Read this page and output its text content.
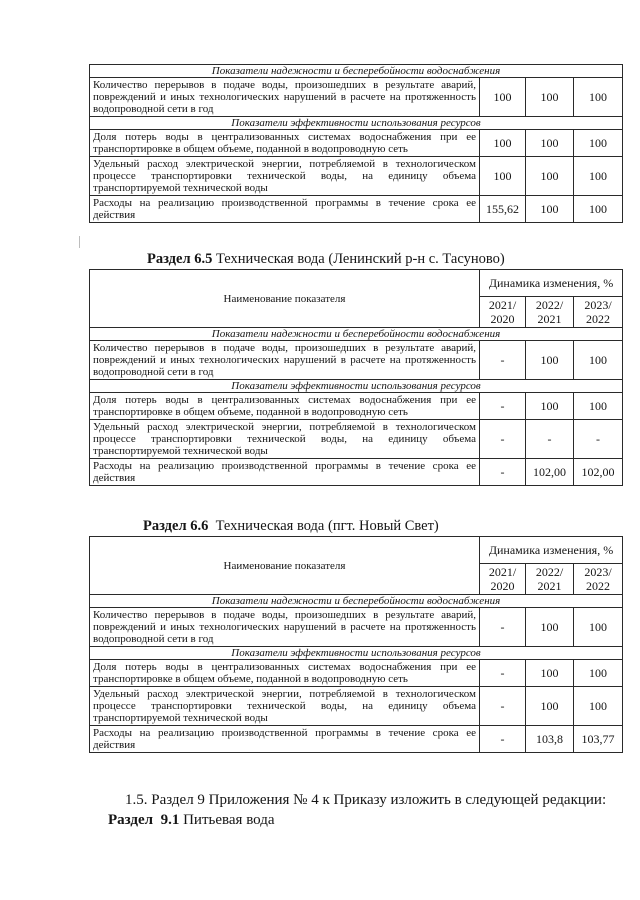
Показатели надежности и бесперебойности водоснабжения			
Количество перерывов в подаче воды, произошедших в результате аварий, повреждений и иных технологических нарушений в расчете на протяженность водопроводной сети в год	100	100	100
Показатели эффективности использования ресурсов			
Доля потерь воды в централизованных системах водоснабжения при ее транспортировке в общем объеме, поданной в водопроводную сеть	100	100	100
Удельный расход электрической энергии, потребляемой в технологическом процессе транспортировки технической воды, на единицу объема транспортируемой технической воды	100	100	100
Расходы на реализацию производственной программы в течение срока ее действия	155,62	100	100
Раздел 6.5 Техническая вода (Ленинский р-н с. Тасуново)
Наименование показателя	Динамика изменения, %		
	2021/ 2020	2022/ 2021	2023/ 2022
Показатели надежности и бесперебойности водоснабжения			
Количество перерывов в подаче воды, произошедших в результате аварий, повреждений и иных технологических нарушений в расчете на протяженность водопроводной сети в год	-	100	100
Показатели эффективности использования ресурсов			
Доля потерь воды в централизованных системах водоснабжения при ее транспортировке в общем объеме, поданной в водопроводную сеть	-	100	100
Удельный расход электрической энергии, потребляемой в технологическом процессе транспортировки технической воды, на единицу объема транспортируемой технической воды	-	-	-
Расходы на реализацию производственной программы в течение срока ее действия	-	102,00	102,00
Раздел 6.6  Техническая вода (пгт. Новый Свет)
Наименование показателя	Динамика изменения, %		
	2021/ 2020	2022/ 2021	2023/ 2022
Показатели надежности и бесперебойности водоснабжения			
Количество перерывов в подаче воды, произошедших в результате аварий, повреждений и иных технологических нарушений в расчете на протяженность водопроводной сети в год	-	100	100
Показатели эффективности использования ресурсов			
Доля потерь воды в централизованных системах водоснабжения при ее транспортировке в общем объеме, поданной в водопроводную сеть	-	100	100
Удельный расход электрической энергии, потребляемой в технологическом процессе транспортировки технической воды, на единицу объема транспортируемой технической воды	-	100	100
Расходы на реализацию производственной программы в течение срока ее действия	-	103,8	103,77
1.5. Раздел 9 Приложения № 4 к Приказу изложить в следующей редакции:
Раздел  9.1 Питьевая вода
